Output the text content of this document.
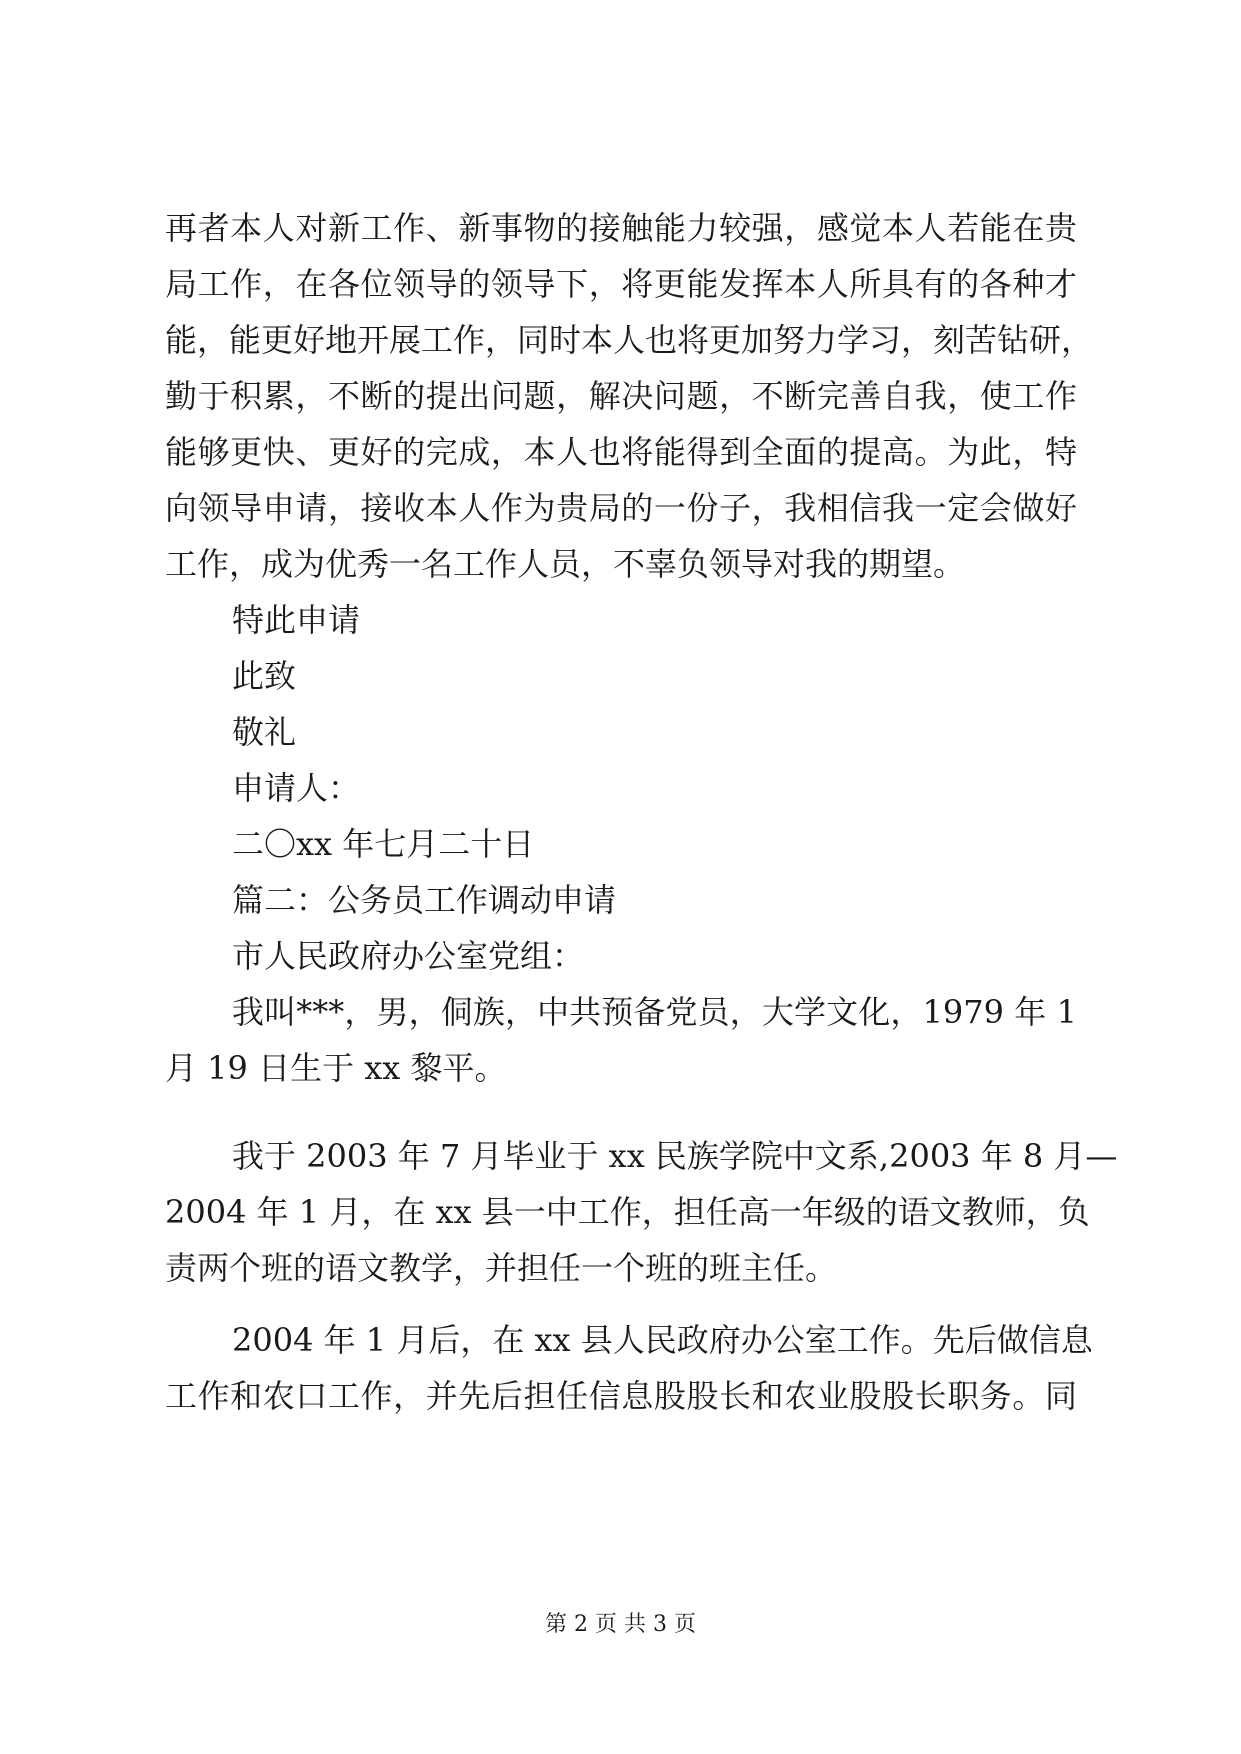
再者本人对新工作、新事物的接触能力较强，感觉本人若能在贵
局工作，在各位领导的领导下，将更能发挥本人所具有的各种才
能，能更好地开展工作，同时本人也将更加努力学习，刻苦钻研，
勤于积累，不断的提出问题，解决问题，不断完善自我，使工作
能够更快、更好的完成，本人也将能得到全面的提高。为此，特
向领导申请，接收本人作为贵局的一份子，我相信我一定会做好
工作，成为优秀一名工作人员，不辜负领导对我的期望。
特此申请
此致
敬礼
申请人：
二〇xx 年七月二十日
篇二：公务员工作调动申请
市人民政府办公室党组：
我叫***，男，侗族，中共预备党员，大学文化，1979 年 1
月 19 日生于 xx 黎平。
我于 2003 年 7 月毕业于 xx 民族学院中文系,2003 年 8 月—
2004 年 1 月，在 xx 县一中工作，担任高一年级的语文教师，负
责两个班的语文教学，并担任一个班的班主任。
2004 年 1 月后，在 xx 县人民政府办公室工作。先后做信息
工作和农口工作，并先后担任信息股股长和农业股股长职务。同
第 2 页 共 3 页
